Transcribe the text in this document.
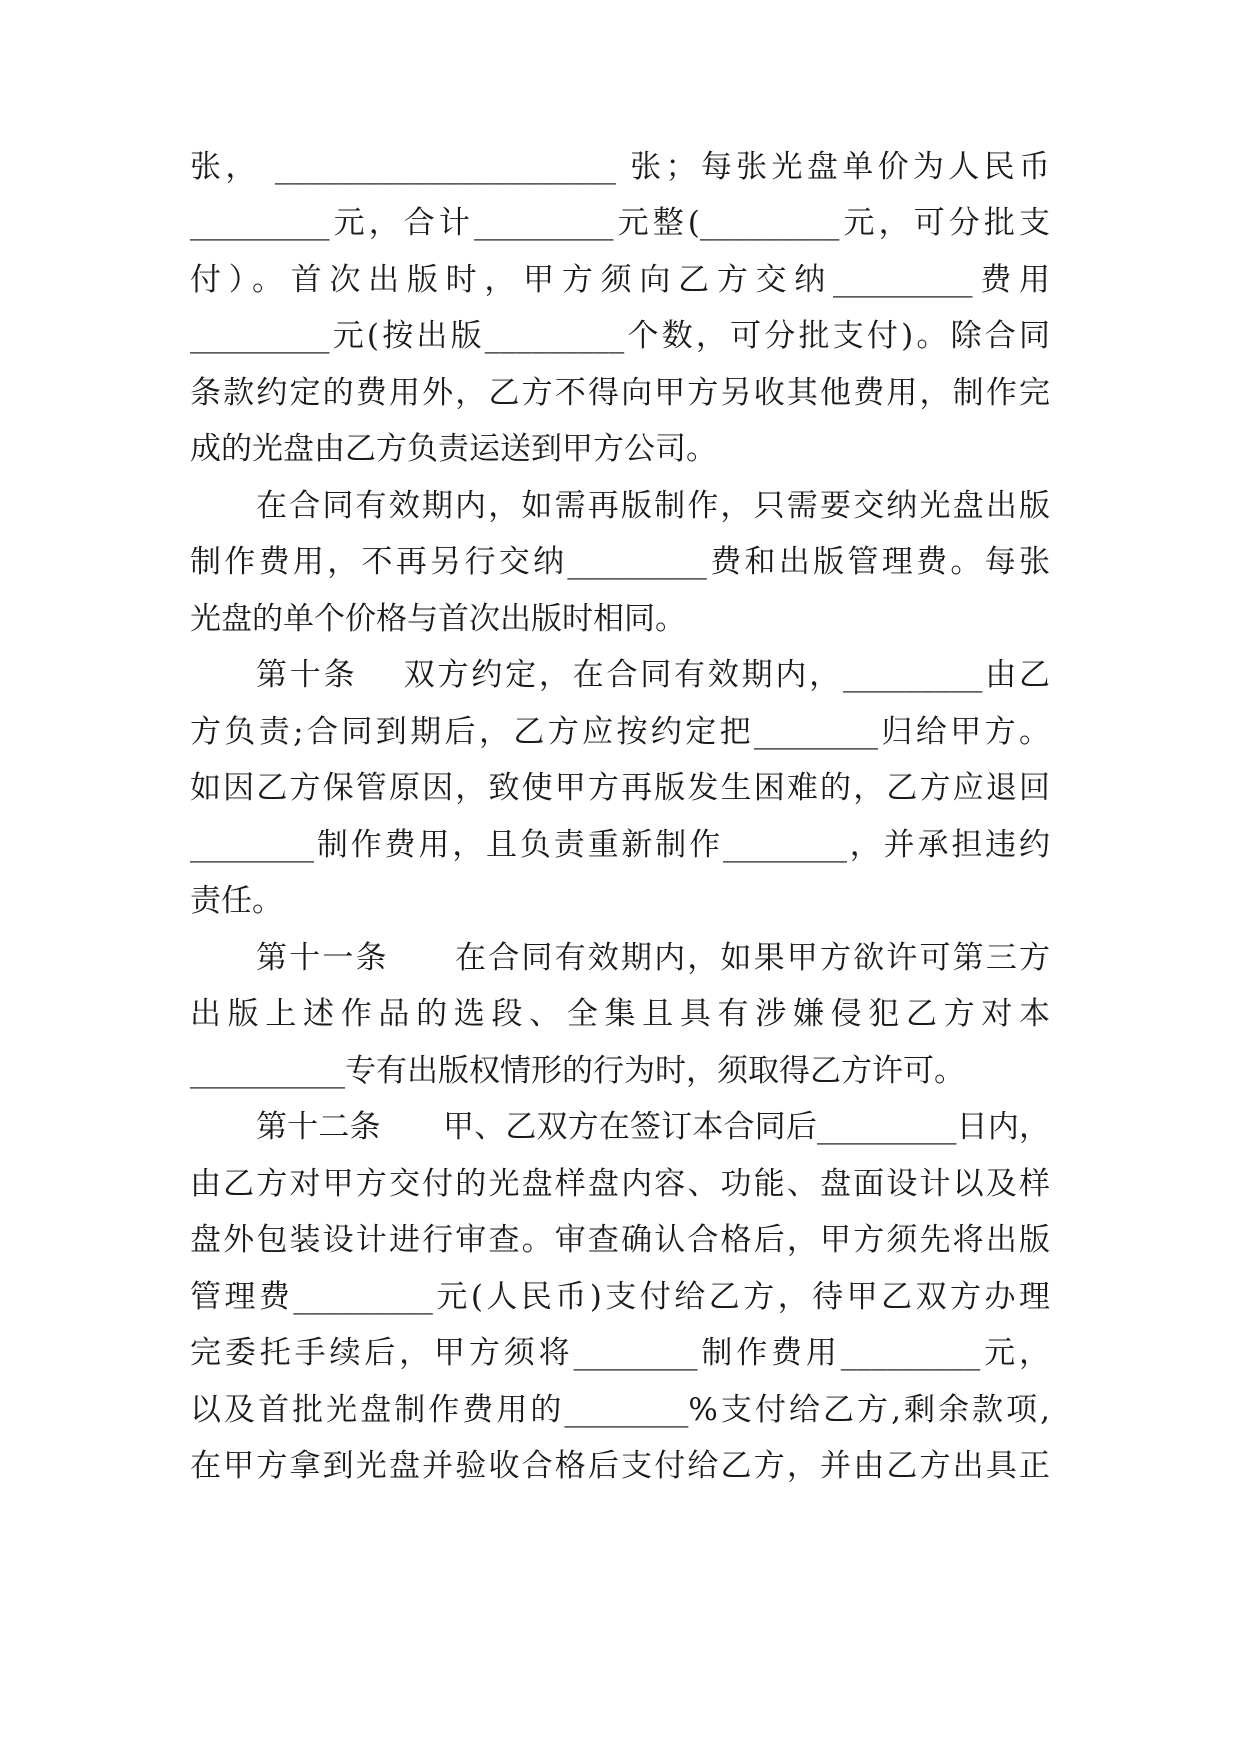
张， ______________________ 张；每张光盘单价为人民币
_________元，合计_________元整(_________元，可分批支
付）。首次出版时，甲方须向乙方交纳_________费用
_________元(按出版_________个数，可分批支付)。除合同
条款约定的费用外，乙方不得向甲方另收其他费用，制作完
成的光盘由乙方负责运送到甲方公司。
在合同有效期内，如需再版制作，只需要交纳光盘出版
制作费用，不再另行交纳_________费和出版管理费。每张
光盘的单个价格与首次出版时相同。
第十条　 双方约定，在合同有效期内，_________由乙
方负责;合同到期后，乙方应按约定把________归给甲方。
如因乙方保管原因，致使甲方再版发生困难的，乙方应退回
________制作费用，且负责重新制作________，并承担违约
责任。
第十一条　　在合同有效期内，如果甲方欲许可第三方
出版上述作品的选段、全集且具有涉嫌侵犯乙方对本
__________专有出版权情形的行为时，须取得乙方许可。
第十二条　　甲、乙双方在签订本合同后_________日内，
由乙方对甲方交付的光盘样盘内容、功能、盘面设计以及样
盘外包装设计进行审查。审查确认合格后，甲方须先将出版
管理费_________元(人民币)支付给乙方，待甲乙双方办理
完委托手续后，甲方须将________制作费用_________元，
以及首批光盘制作费用的________%支付给乙方,剩余款项,
在甲方拿到光盘并验收合格后支付给乙方，并由乙方出具正
